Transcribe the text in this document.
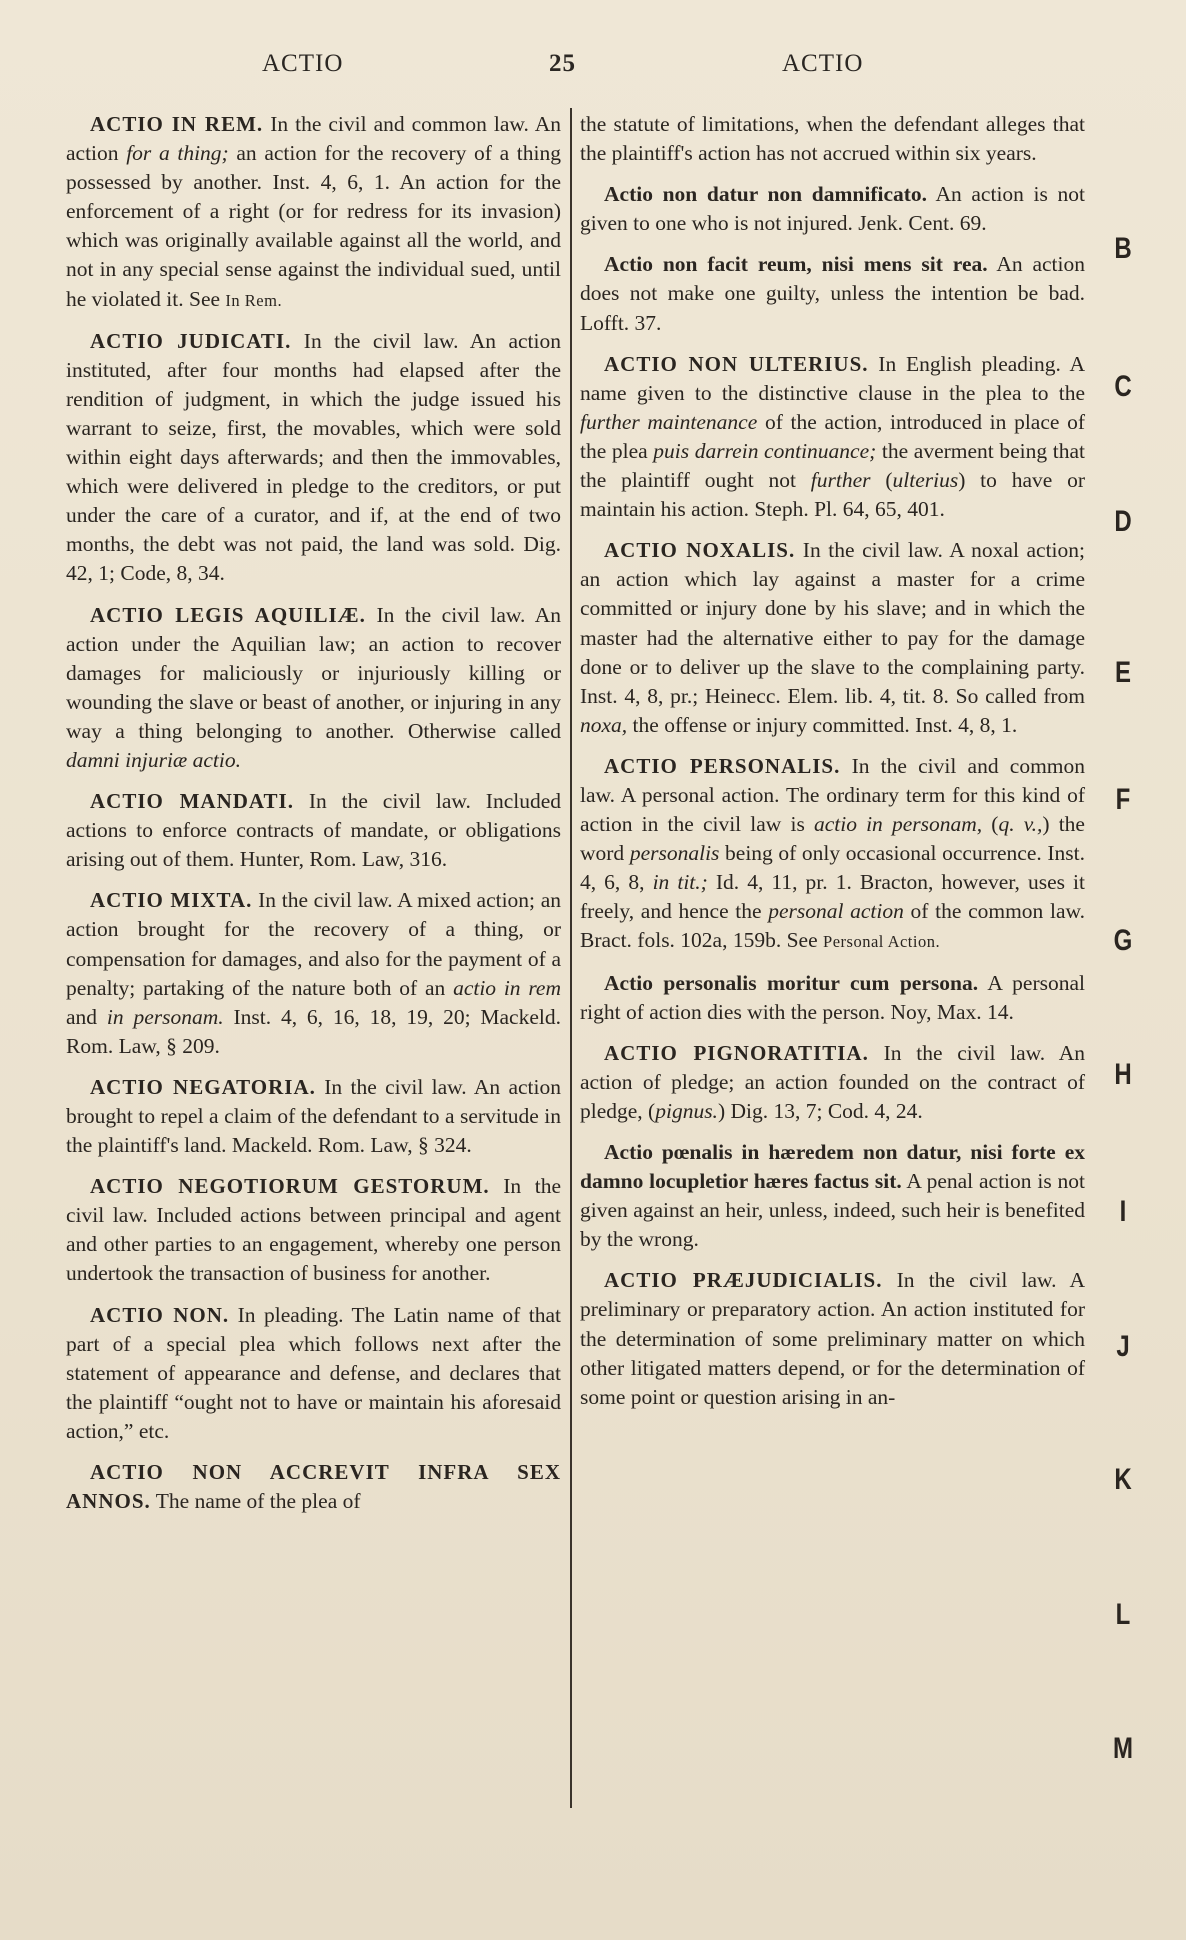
ACTIO	25	ACTIO

ACTIO IN REM. In the civil and common law. An action for a thing; an action for the recovery of a thing possessed by another. Inst. 4, 6, 1. An action for the enforcement of a right (or for redress for its invasion) which was originally available against all the world, and not in any special sense against the individual sued, until he violated it. See In Rem.

ACTIO JUDICATI. In the civil law. An action instituted, after four months had elapsed after the rendition of judgment, in which the judge issued his warrant to seize, first, the movables, which were sold within eight days afterwards; and then the immovables, which were delivered in pledge to the creditors, or put under the care of a curator, and if, at the end of two months, the debt was not paid, the land was sold. Dig. 42, 1; Code, 8, 34.

ACTIO LEGIS AQUILIÆ. In the civil law. An action under the Aquilian law; an action to recover damages for maliciously or injuriously killing or wounding the slave or beast of another, or injuring in any way a thing belonging to another. Otherwise called damni injuriæ actio.

ACTIO MANDATI. In the civil law. Included actions to enforce contracts of mandate, or obligations arising out of them. Hunter, Rom. Law, 316.

ACTIO MIXTA. In the civil law. A mixed action; an action brought for the recovery of a thing, or compensation for damages, and also for the payment of a penalty; partaking of the nature both of an actio in rem and in personam. Inst. 4, 6, 16, 18, 19, 20; Mackeld. Rom. Law, § 209.

ACTIO NEGATORIA. In the civil law. An action brought to repel a claim of the defendant to a servitude in the plaintiff's land. Mackeld. Rom. Law, § 324.

ACTIO NEGOTIORUM GESTORUM. In the civil law. Included actions between principal and agent and other parties to an engagement, whereby one person undertook the transaction of business for another.

ACTIO NON. In pleading. The Latin name of that part of a special plea which follows next after the statement of appearance and defense, and declares that the plaintiff “ought not to have or maintain his aforesaid action,” etc.

ACTIO NON ACCREVIT INFRA SEX ANNOS. The name of the plea of

the statute of limitations, when the defendant alleges that the plaintiff's action has not accrued within six years.

Actio non datur non damnificato. An action is not given to one who is not injured. Jenk. Cent. 69.

Actio non facit reum, nisi mens sit rea. An action does not make one guilty, unless the intention be bad. Lofft. 37.

ACTIO NON ULTERIUS. In English pleading. A name given to the distinctive clause in the plea to the further maintenance of the action, introduced in place of the plea puis darrein continuance; the averment being that the plaintiff ought not further (ulterius) to have or maintain his action. Steph. Pl. 64, 65, 401.

ACTIO NOXALIS. In the civil law. A noxal action; an action which lay against a master for a crime committed or injury done by his slave; and in which the master had the alternative either to pay for the damage done or to deliver up the slave to the complaining party. Inst. 4, 8, pr.; Heinecc. Elem. lib. 4, tit. 8. So called from noxa, the offense or injury committed. Inst. 4, 8, 1.

ACTIO PERSONALIS. In the civil and common law. A personal action. The ordinary term for this kind of action in the civil law is actio in personam, (q. v.,) the word personalis being of only occasional occurrence. Inst. 4, 6, 8, in tit.; Id. 4, 11, pr. 1. Bracton, however, uses it freely, and hence the personal action of the common law. Bract. fols. 102a, 159b. See Personal Action.

Actio personalis moritur cum persona. A personal right of action dies with the person. Noy, Max. 14.

ACTIO PIGNORATITIA. In the civil law. An action of pledge; an action founded on the contract of pledge, (pignus.) Dig. 13, 7; Cod. 4, 24.

Actio pœnalis in hæredem non datur, nisi forte ex damno locupletior hæres factus sit. A penal action is not given against an heir, unless, indeed, such heir is benefited by the wrong.

ACTIO PRÆJUDICIALIS. In the civil law. A preliminary or preparatory action. An action instituted for the determination of some preliminary matter on which other litigated matters depend, or for the determination of some point or question arising in an-

B
C
D
E
F
G
H
I
J
K
L
M
